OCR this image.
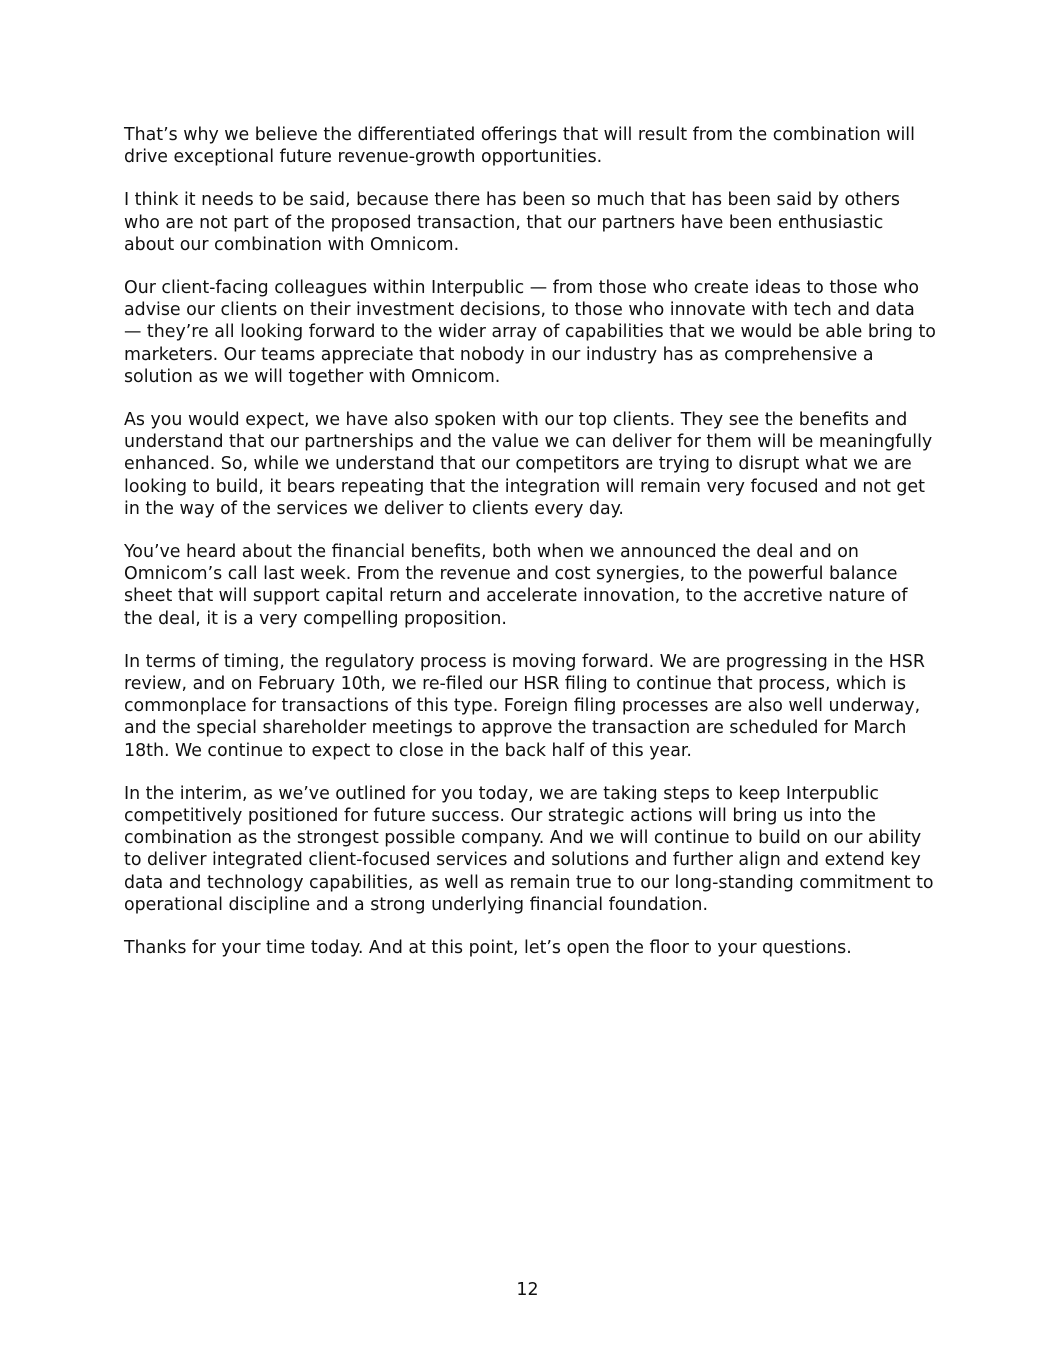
That’s why we believe the differentiated offerings that will result from the combination will drive exceptional future revenue-growth opportunities.

I think it needs to be said, because there has been so much that has been said by others who are not part of the proposed transaction, that our partners have been enthusiastic about our combination with Omnicom.

Our client-facing colleagues within Interpublic — from those who create ideas to those who advise our clients on their investment decisions, to those who innovate with tech and data — they’re all looking forward to the wider array of capabilities that we would be able bring to marketers. Our teams appreciate that nobody in our industry has as comprehensive a solution as we will together with Omnicom.

As you would expect, we have also spoken with our top clients. They see the benefits and understand that our partnerships and the value we can deliver for them will be meaningfully enhanced. So, while we understand that our competitors are trying to disrupt what we are looking to build, it bears repeating that the integration will remain very focused and not get in the way of the services we deliver to clients every day.

You’ve heard about the financial benefits, both when we announced the deal and on Omnicom’s call last week. From the revenue and cost synergies, to the powerful balance sheet that will support capital return and accelerate innovation, to the accretive nature of the deal, it is a very compelling proposition.

In terms of timing, the regulatory process is moving forward. We are progressing in the HSR review, and on February 10th, we re-filed our HSR filing to continue that process, which is commonplace for transactions of this type. Foreign filing processes are also well underway, and the special shareholder meetings to approve the transaction are scheduled for March 18th. We continue to expect to close in the back half of this year.

In the interim, as we’ve outlined for you today, we are taking steps to keep Interpublic competitively positioned for future success. Our strategic actions will bring us into the combination as the strongest possible company. And we will continue to build on our ability to deliver integrated client-focused services and solutions and further align and extend key data and technology capabilities, as well as remain true to our long-standing commitment to operational discipline and a strong underlying financial foundation.

Thanks for your time today. And at this point, let’s open the floor to your questions.

12
